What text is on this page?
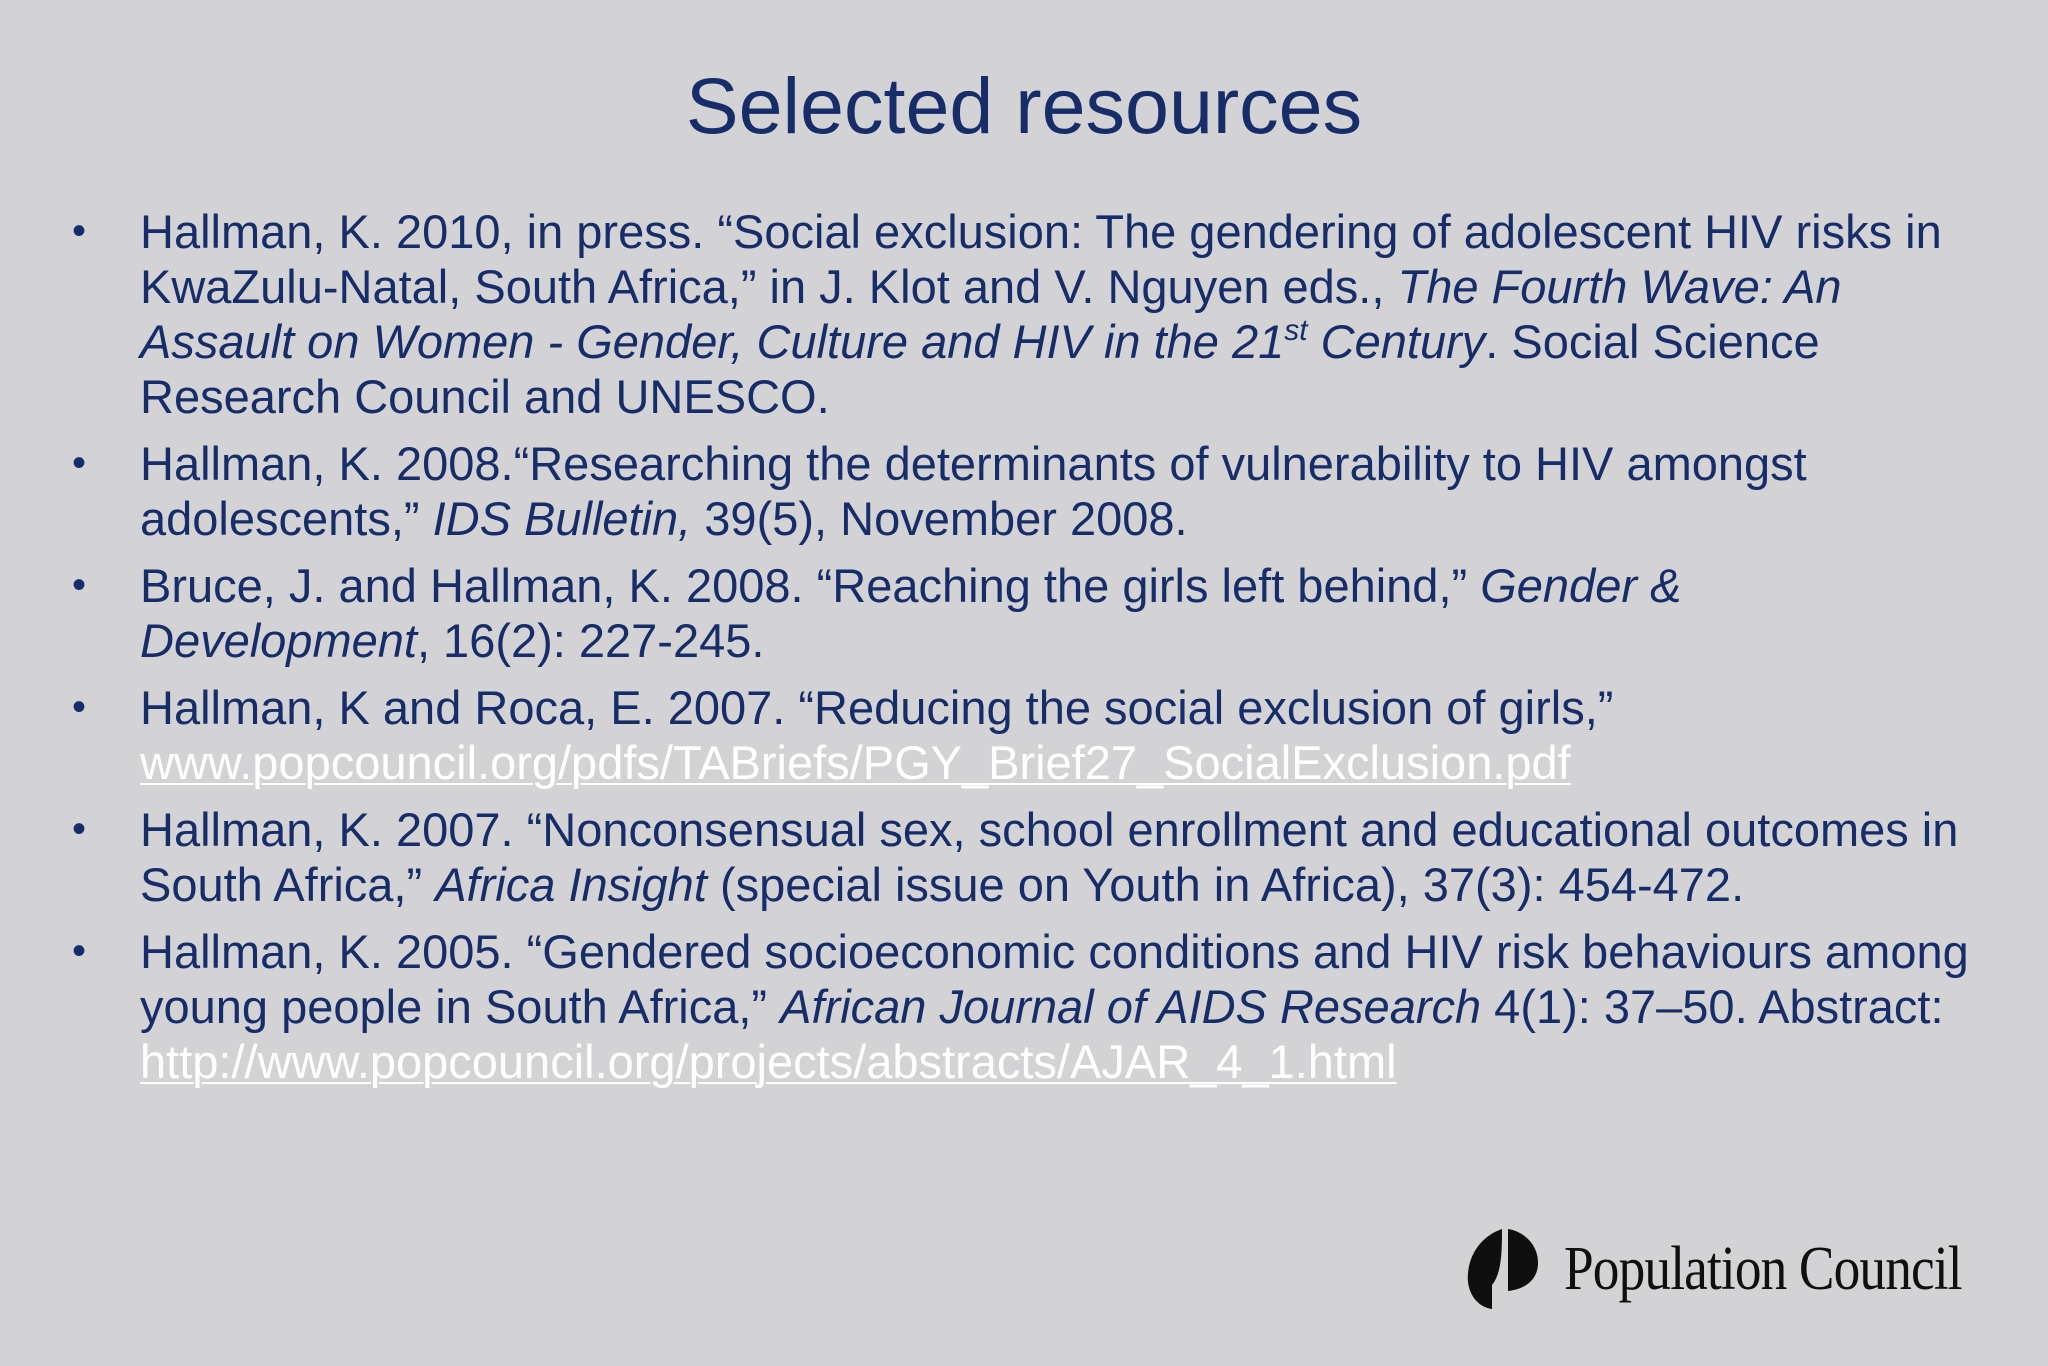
Selected resources
•	Hallman, K. 2010, in press. “Social exclusion: The gendering of adolescent HIV risks in KwaZulu-Natal, South Africa,” in J. Klot and V. Nguyen eds., The Fourth Wave: An Assault on Women - Gender, Culture and HIV in the 21st Century. Social Science Research Council and UNESCO.
•	Hallman, K. 2008.“Researching the determinants of vulnerability to HIV amongst adolescents,” IDS Bulletin, 39(5), November 2008.
•	Bruce, J. and Hallman, K. 2008. “Reaching the girls left behind,” Gender & Development, 16(2): 227-245.
•	Hallman, K and Roca, E. 2007. “Reducing the social exclusion of girls,” www.popcouncil.org/pdfs/TABriefs/PGY_Brief27_SocialExclusion.pdf
•	Hallman, K. 2007. “Nonconsensual sex, school enrollment and educational outcomes in South Africa,” Africa Insight (special issue on Youth in Africa), 37(3): 454-472.
•	Hallman, K. 2005. “Gendered socioeconomic conditions and HIV risk behaviours among young people in South Africa,” African Journal of AIDS Research 4(1): 37–50. Abstract: http://www.popcouncil.org/projects/abstracts/AJAR_4_1.html
Population Council
